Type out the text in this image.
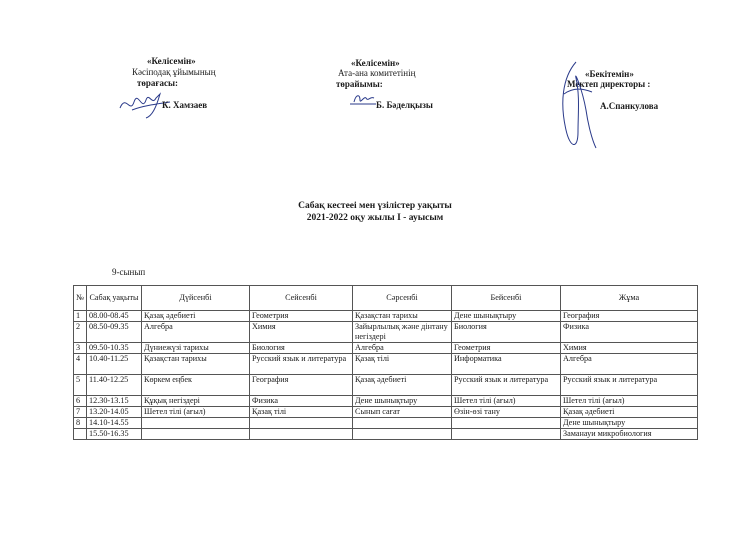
«Келісемін»
Кәсіподақ ұйымының
төрағасы:
К. Хамзаев
«Келісемін»
Ата-ана комитетінің
төрайымы:
Б. Бәделқызы
«Бекітемін»
Мектеп директоры :
А.Спанкулова
Сабақ кестееі мен үзілістер уақыты
2021-2022 оқу жылы I - ауысым
9-сынып
№	Сабақ уақыты	Дүйсенбі	Сейсенбі	Сәрсенбі	Бейсенбі	Жұма
1	08.00-08.45	Қазақ әдебиеті	Геометрия	Қазақстан тарихы	Дене шынықтыру	География
2	08.50-09.35	Алгебра	Химия	Зайырлылық және дінтану негіздері	Биология	Физика
3	09.50-10.35	Дүниежүзі тарихы	Биология	Алгебра	Геометрия	Химия
4	10.40-11.25	Қазақстан тарихы	Русский язык и литература	Қазақ тілі	Информатика	Алгебра
5	11.40-12.25	Көркем еңбек	География	Қазақ әдебиеті	Русский язык и литература	Русский язык и литература
6	12.30-13.15	Құқық негіздері	Физика	Дене шынықтыру	Шетел тілі (ағыл)	Шетел тілі (ағыл)
7	13.20-14.05	Шетел тілі (ағыл)	Қазақ тілі	Сынып сағат	Өзін-өзі тану	Қазақ әдебиеті
8	14.10-14.55					Дене шынықтыру
	15.50-16.35					Заманауи микробиология
